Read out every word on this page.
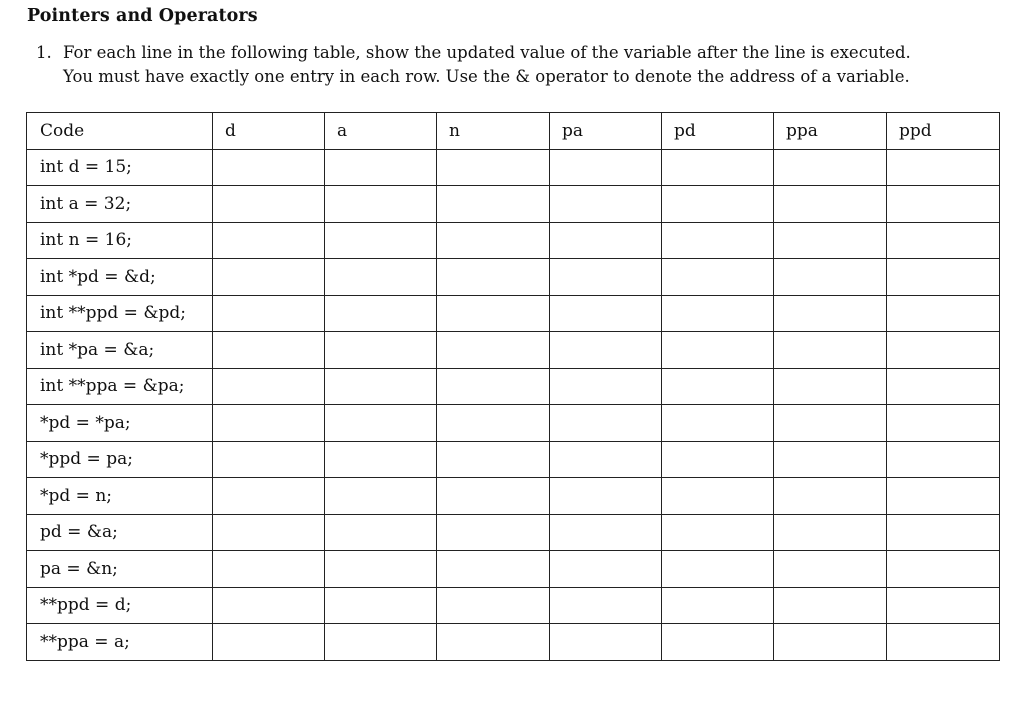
Pointers and Operators
1. For each line in the following table, show the updated value of the variable after the line is executed.
You must have exactly one entry in each row. Use the & operator to denote the address of a variable.
Code	d	a	n	pa	pd	ppa	ppd
int d = 15;							
int a = 32;							
int n = 16;							
int *pd = &d;							
int **ppd = &pd;							
int *pa = &a;							
int **ppa = &pa;							
*pd = *pa;							
*ppd = pa;							
*pd = n;							
pd = &a;							
pa = &n;							
**ppd = d;							
**ppa = a;							
